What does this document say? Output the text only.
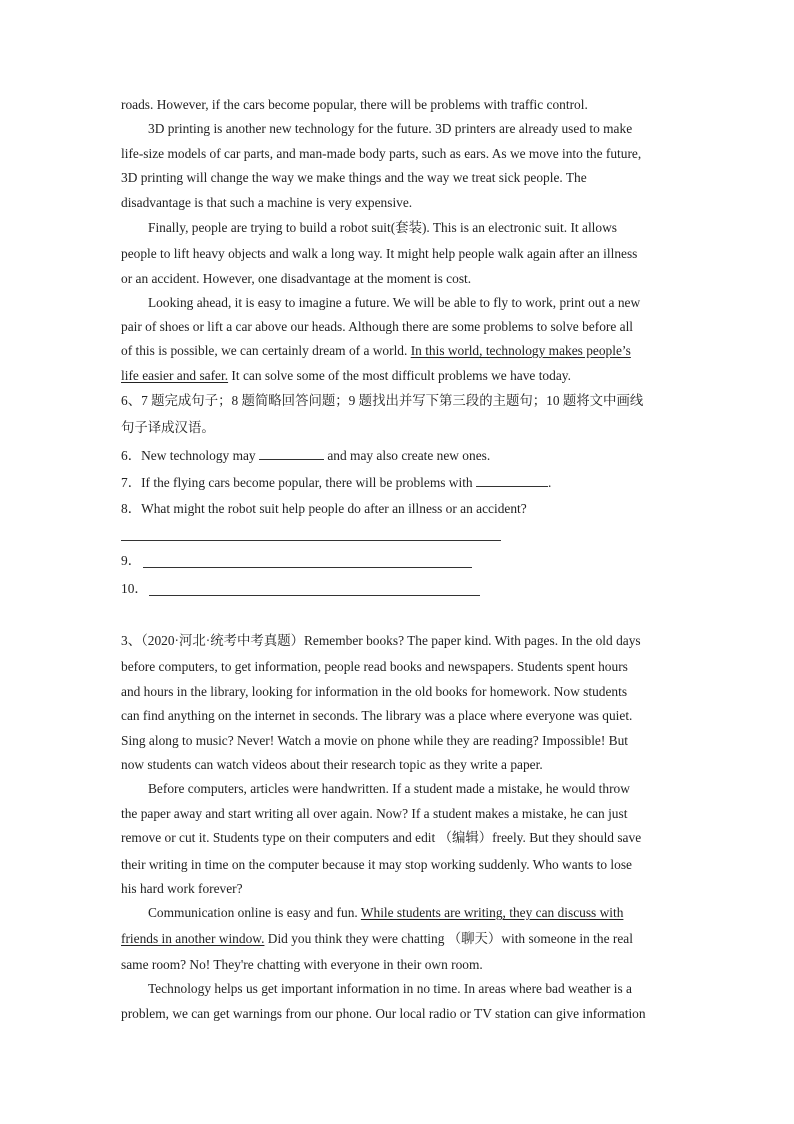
roads. However, if the cars become popular, there will be problems with traffic control.
3D printing is another new technology for the future. 3D printers are already used to make
life-size models of car parts, and man-made body parts, such as ears. As we move into the future,
3D printing will change the way we make things and the way we treat sick people. The
disadvantage is that such a machine is very expensive.
Finally, people are trying to build a robot suit(套装). This is an electronic suit. It allows
people to lift heavy objects and walk a long way. It might help people walk again after an illness
or an accident. However, one disadvantage at the moment is cost.
Looking ahead, it is easy to imagine a future. We will be able to fly to work, print out a new
pair of shoes or lift a car above our heads. Although there are some problems to solve before all
of this is possible, we can certainly dream of a world. In this world, technology makes people’s
life easier and safer. It can solve some of the most difficult problems we have today.
6、7 题完成句子；8 题简略回答问题；9 题找出并写下第三段的主题句；10 题将文中画线
句子译成汉语。
6．New technology may	and may also create new ones.
7．If the flying cars become popular, there will be problems with	.
8．What might the robot suit help people do after an illness or an accident?
9．
10．
3、（2020·河北·统考中考真题）Remember books? The paper kind. With pages. In the old days
before computers, to get information, people read books and newspapers. Students spent hours
and hours in the library, looking for information in the old books for homework. Now students
can find anything on the internet in seconds. The library was a place where everyone was quiet.
Sing along to music? Never! Watch a movie on phone while they are reading? Impossible! But
now students can watch videos about their research topic as they write a paper.
Before computers, articles were handwritten. If a student made a mistake, he would throw
the paper away and start writing all over again. Now? If a student makes a mistake, he can just
remove or cut it. Students type on their computers and edit （编辑）freely. But they should save
their writing in time on the computer because it may stop working suddenly. Who wants to lose
his hard work forever?
Communication online is easy and fun. While students are writing, they can discuss with
friends in another window. Did you think they were chatting （聊天）with someone in the real
same room? No! They're chatting with everyone in their own room.
Technology helps us get important information in no time. In areas where bad weather is a
problem, we can get warnings from our phone. Our local radio or TV station can give information
